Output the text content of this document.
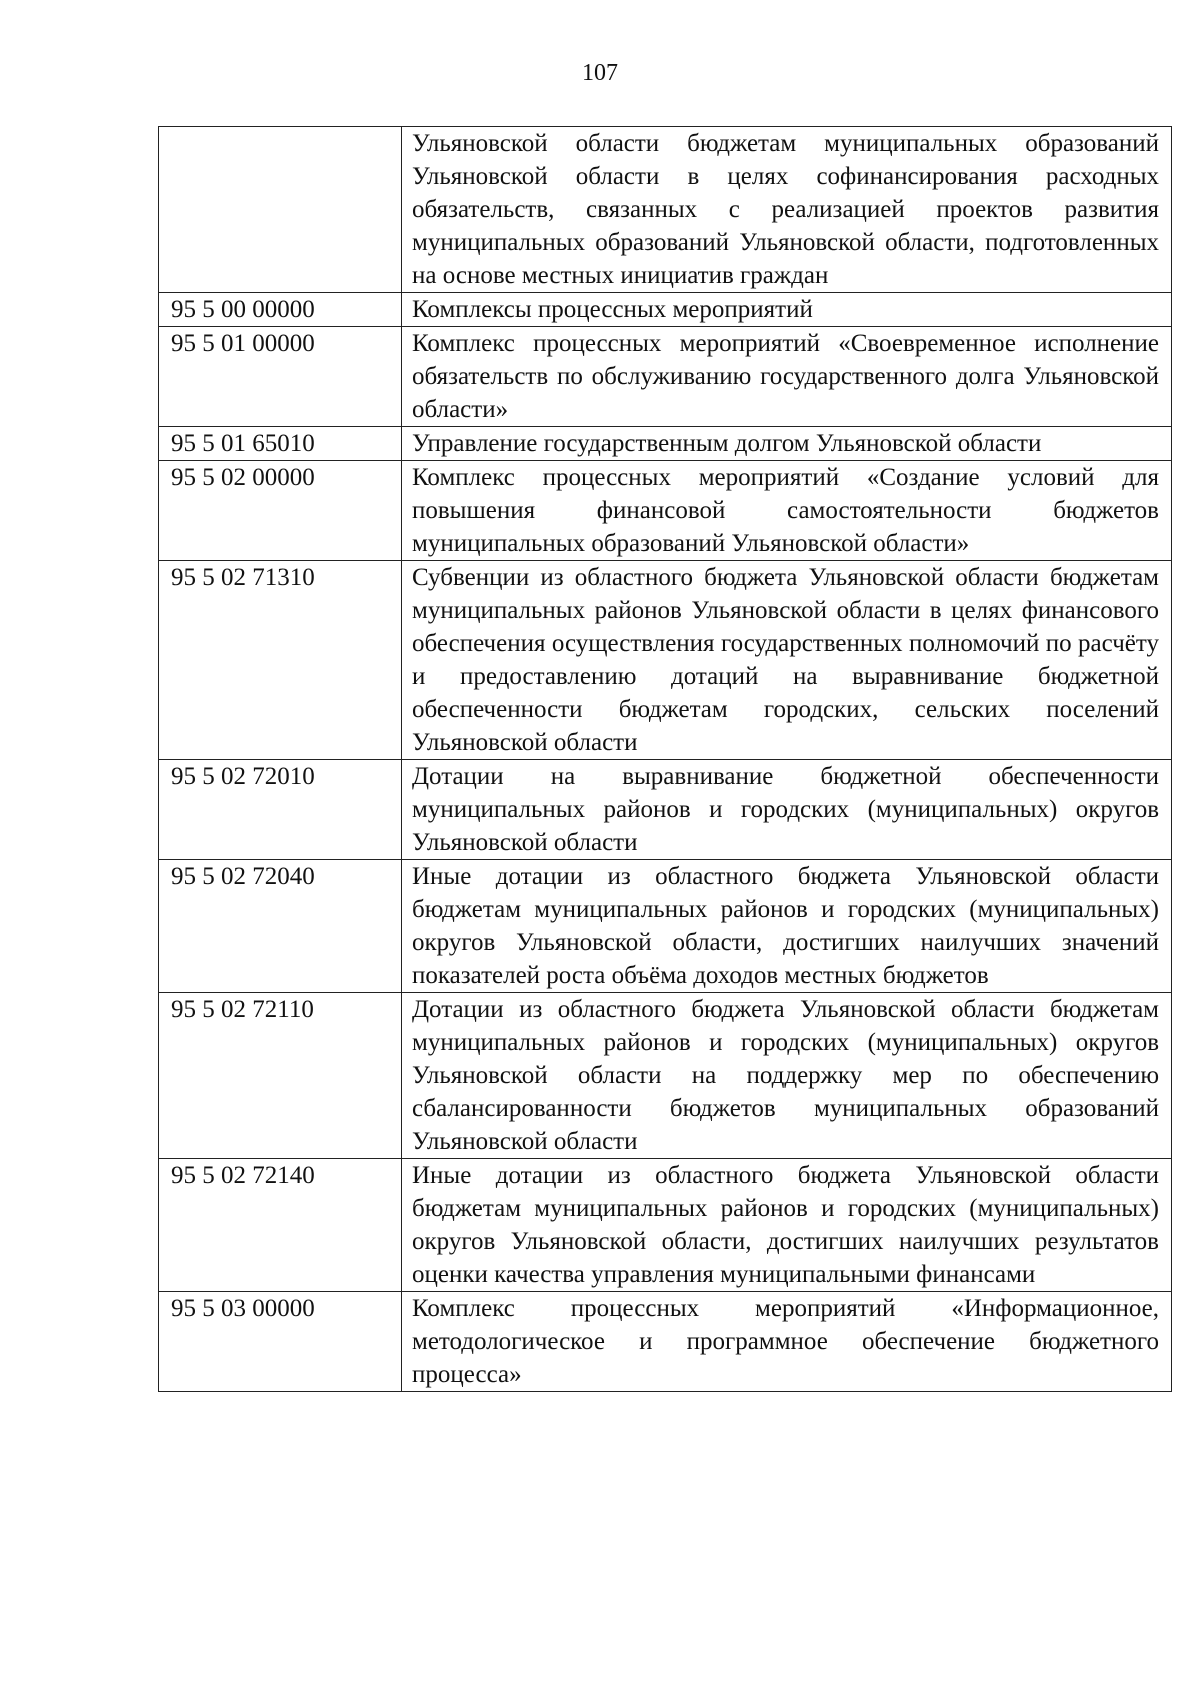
107
	Ульяновской области бюджетам муниципальных образований Ульяновской области в целях софинансирования расходных обязательств, связанных с реализацией проектов развития муниципальных образований Ульяновской области, подготовленных на основе местных инициатив граждан
95 5 00 00000	Комплексы процессных мероприятий
95 5 01 00000	Комплекс процессных мероприятий «Своевременное исполнение обязательств по обслуживанию государственного долга Ульяновской области»
95 5 01 65010	Управление государственным долгом Ульяновской области
95 5 02 00000	Комплекс процессных мероприятий «Создание условий для повышения финансовой самостоятельности бюджетов муниципальных образований Ульяновской области»
95 5 02 71310	Субвенции из областного бюджета Ульяновской области бюджетам муниципальных районов Ульяновской области в целях финансового обеспечения осуществления государственных полномочий по расчёту и предоставлению дотаций на выравнивание бюджетной обеспеченности бюджетам городских, сельских поселений Ульяновской области
95 5 02 72010	Дотации на выравнивание бюджетной обеспеченности муниципальных районов и городских (муниципальных) округов Ульяновской области
95 5 02 72040	Иные дотации из областного бюджета Ульяновской области бюджетам муниципальных районов и городских (муниципальных) округов Ульяновской области, достигших наилучших значений показателей роста объёма доходов местных бюджетов
95 5 02 72110	Дотации из областного бюджета Ульяновской области бюджетам муниципальных районов и городских (муниципальных) округов Ульяновской области на поддержку мер по обеспечению сбалансированности бюджетов муниципальных образований Ульяновской области
95 5 02 72140	Иные дотации из областного бюджета Ульяновской области бюджетам муниципальных районов и городских (муниципальных) округов Ульяновской области, достигших наилучших результатов оценки качества управления муниципальными финансами
95 5 03 00000	Комплекс процессных мероприятий «Информационное, методологическое и программное обеспечение бюджетного процесса»
